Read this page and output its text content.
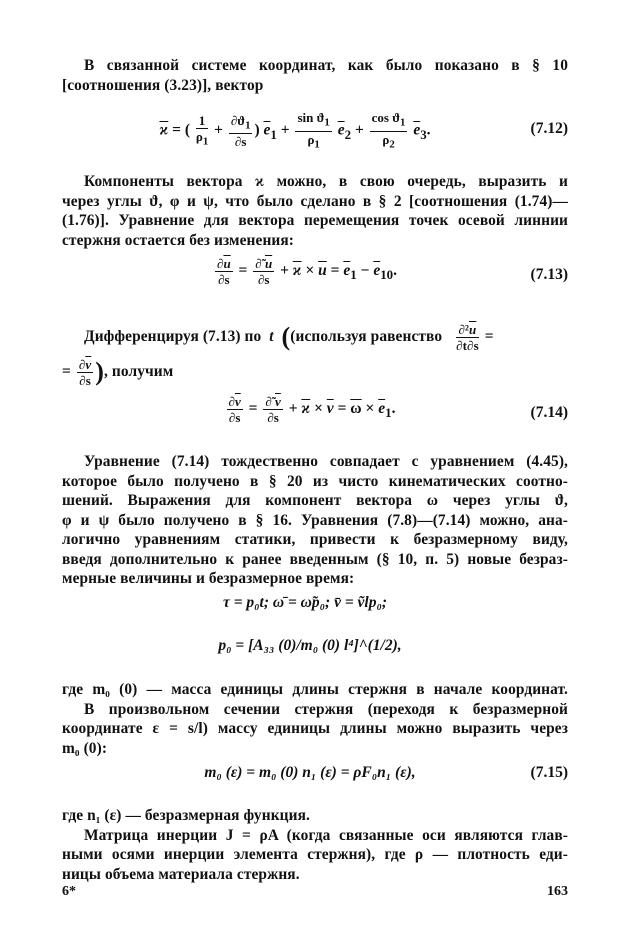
В связанной системе координат, как было показано в § 10
[соотношения (3.23)], вектор
$\overline{ϰ}$ = ( $\frac{1}{\rho_1} + \frac{\partial ϑ_1}{\partial s}$ ) $\overline{e}_1 + \frac{\sin ϑ_1}{\rho_1} \overline{e}_2 + \frac{\cos ϑ_1}{\rho_2} \overline{e}_3$.	(7.12)
Компоненты вектора ϰ можно, в свою очередь, выразить и
через углы ϑ, φ и ψ, что было сделано в § 2 [соотношения (1.74)—
(1.76)]. Уравнение для вектора перемещения точек осевой линнии
стержня остается без изменения:
$\frac{\partial\overline{u}}{\partial s} = \frac{\partial̃ \overline{u}}{\partial s} + \overline{ϰ} \times \overline{u} = \overline{e}_1 - \overline{e}_{10}$.	(7.13)
Дифференцируя (7.13) по  t  ((используя равенство $\frac{\partial^2\overline{u}}{\partial t\partial s}$ =
= $\frac{\partial\overline{v}}{\partial s}$ ), получим
$\frac{\partial\overline{v}}{\partial s} = \frac{\partial̃ \overline{v}}{\partial s} + \overline{ϰ} \times \overline{v} = \overline{\omega} \times \overline{e}_1$.	(7.14)
Уравнение (7.14) тождественно совпадает с уравнением (4.45),
которое было получено в § 20 из чисто кинематических соотно-
шений. Выражения для компонент вектора ω через углы ϑ,
φ и ψ было получено в § 16. Уравнения (7.8)—(7.14) можно, ана-
логично уравнениям статики, привести к безразмерному виду,
введя дополнительно к ранее введенным (§ 10, п. 5) новые безраз-
мерные величины и безразмерное время:
τ = p₀t; ω̄ = ω̃p₀; v̄ = ṽlp₀;
p₀ = [A₃₃ (0)/m₀ (0) l⁴]^(1/2),
где m₀ (0) — масса единицы длины стержня в начале координат.
В произвольном сечении стержня (переходя к безразмерной
координате ε = s/l) массу единицы длины можно выразить через
m₀ (0):
m₀ (ε) = m₀ (0) n₁ (ε) = ρF₀n₁ (ε),	(7.15)
где n₁ (ε) — безразмерная функция.
Матрица инерции J = ρA (когда связанные оси являются глав-
ными осями инерции элемента стержня), где ρ — плотность еди-
ницы объема материала стержня.
6*	163
